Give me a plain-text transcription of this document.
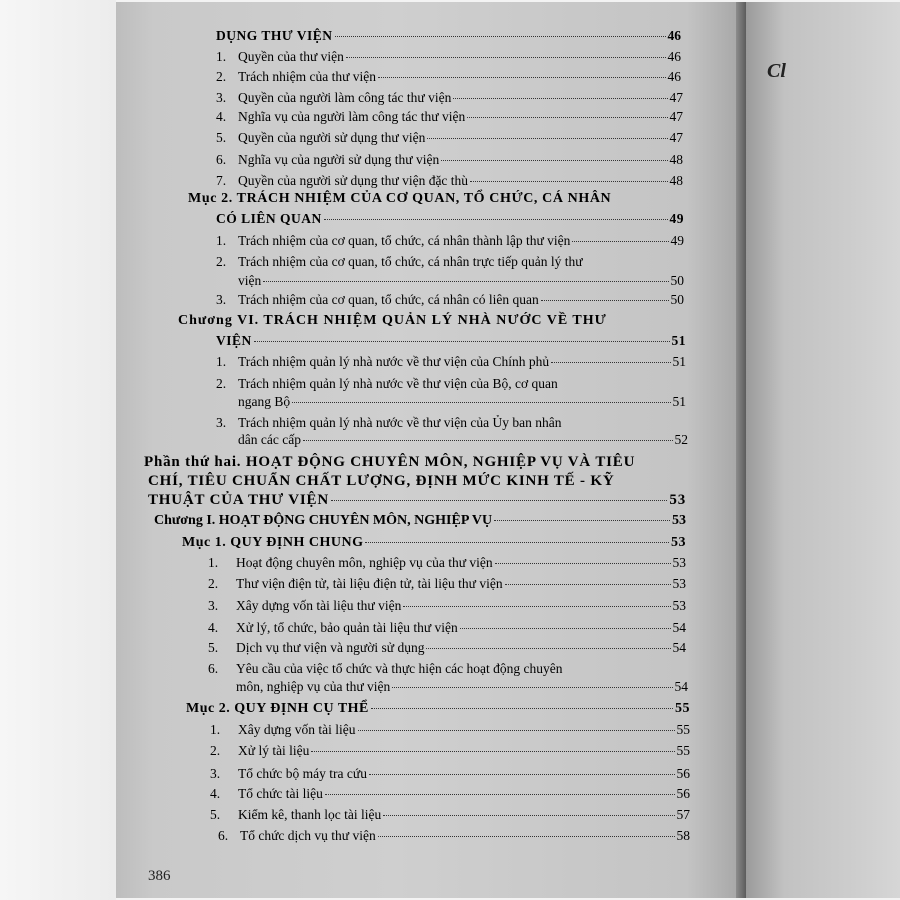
Cl
DỤNG THƯ VIỆN	46
1. Quyền của thư viện	46
2. Trách nhiệm của thư viện	46
3. Quyền của người làm công tác thư viện	47
4. Nghĩa vụ của người làm công tác thư viện	47
5. Quyền của người sử dụng thư viện	47
6. Nghĩa vụ của người sử dụng thư viện	48
7. Quyền của người sử dụng thư viện đặc thù	48
Mục 2. TRÁCH NHIỆM CỦA CƠ QUAN, TỔ CHỨC, CÁ NHÂN
CÓ LIÊN QUAN	49
1. Trách nhiệm của cơ quan, tổ chức, cá nhân thành lập thư viện	49
2. Trách nhiệm của cơ quan, tổ chức, cá nhân trực tiếp quản lý thư
viện	50
3. Trách nhiệm của cơ quan, tổ chức, cá nhân có liên quan	50
Chương VI. TRÁCH NHIỆM QUẢN LÝ NHÀ NƯỚC VỀ THƯ
VIỆN	51
1. Trách nhiệm quản lý nhà nước về thư viện của Chính phủ	51
2. Trách nhiệm quản lý nhà nước về thư viện của Bộ, cơ quan
ngang Bộ	51
3. Trách nhiệm quản lý nhà nước về thư viện của Ủy ban nhân
dân các cấp	52
Phần thứ hai. HOẠT ĐỘNG CHUYÊN MÔN, NGHIỆP VỤ VÀ TIÊU
CHÍ, TIÊU CHUẨN CHẤT LƯỢNG, ĐỊNH MỨC KINH TẾ - KỸ
THUẬT CỦA THƯ VIỆN	53
Chương I. HOẠT ĐỘNG CHUYÊN MÔN, NGHIỆP VỤ	53
Mục 1. QUY ĐỊNH CHUNG	53
1.	Hoạt động chuyên môn, nghiệp vụ của thư viện	53
2.	Thư viện điện tử, tài liệu điện tử, tài liệu thư viện	53
3.	Xây dựng vốn tài liệu thư viện	53
4.	Xử lý, tổ chức, bảo quản tài liệu thư viện	54
5.	Dịch vụ thư viện và người sử dụng	54
6.	Yêu cầu của việc tổ chức và thực hiện các hoạt động chuyên
môn, nghiệp vụ của thư viện	54
Mục 2. QUY ĐỊNH CỤ THỂ	55
1.	Xây dựng vốn tài liệu	55
2.	Xử lý tài liệu	55
3.	Tổ chức bộ máy tra cứu	56
4.	Tổ chức tài liệu	56
5.	Kiểm kê, thanh lọc tài liệu	57
6. Tổ chức dịch vụ thư viện	58
386
